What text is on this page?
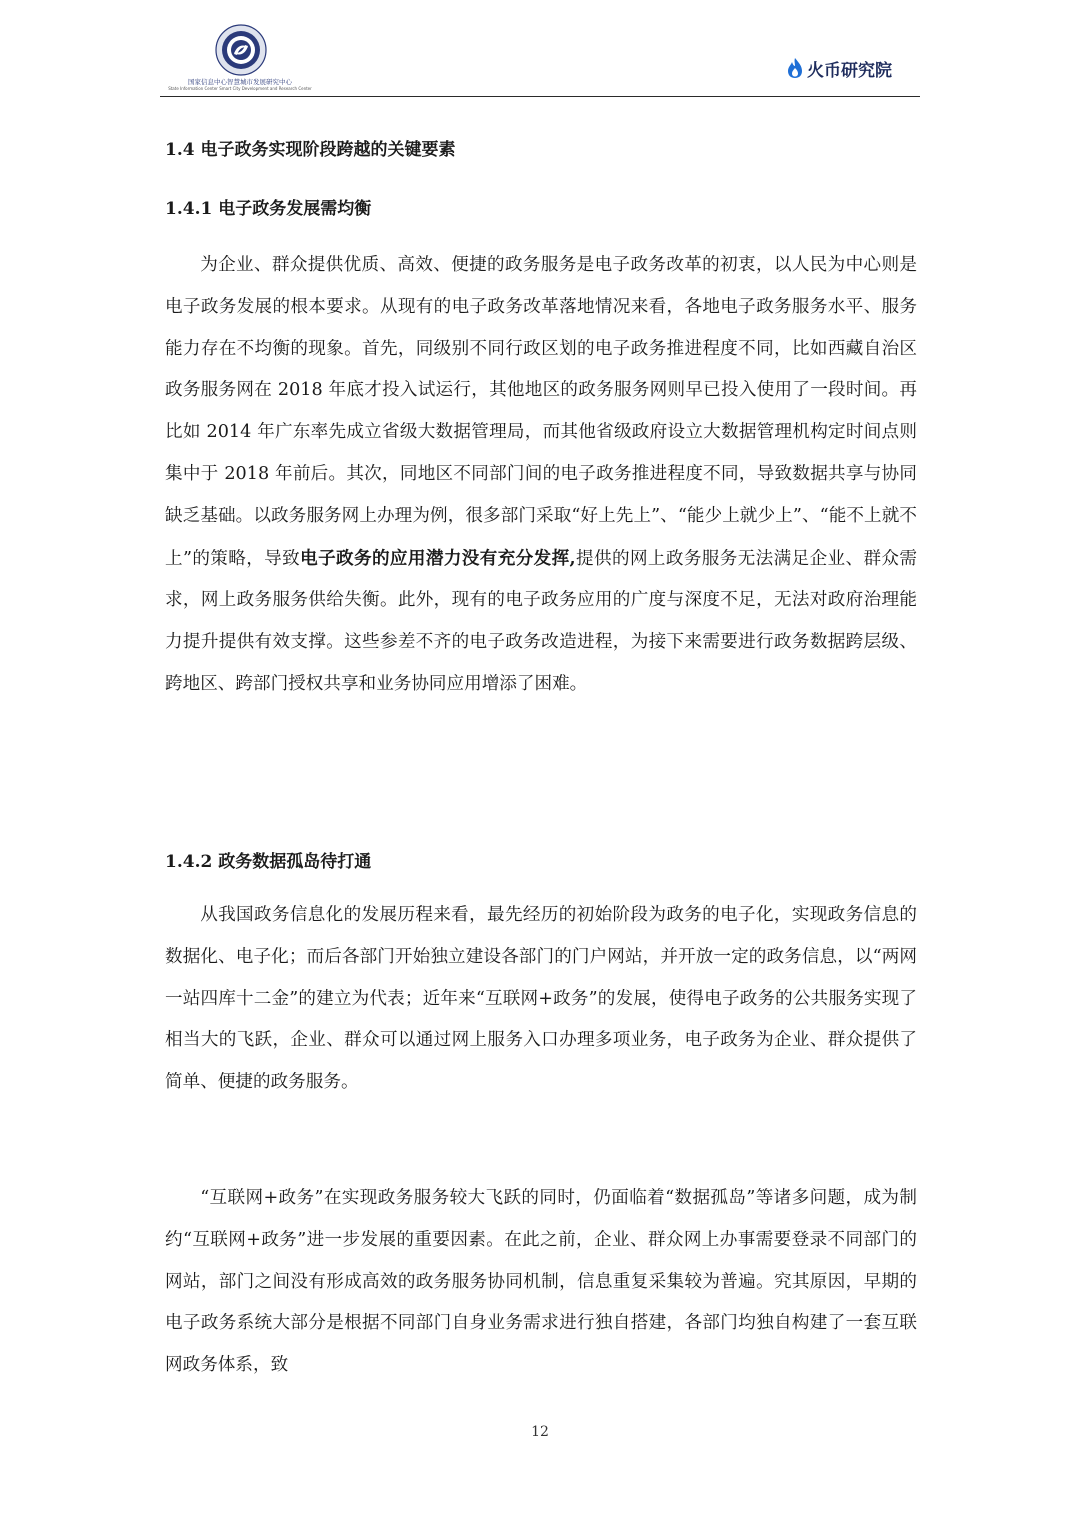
国家信息中心智慧城市发展研究中心
State Information Center Smart City Development and Research Center
火币研究院
1.4 电子政务实现阶段跨越的关键要素
1.4.1 电子政务发展需均衡

为企业、群众提供优质、高效、便捷的政务服务是电子政务改革的初衷，以人民为中心则是电子政务发展的根本要求。从现有的电子政务改革落地情况来看，各地电子政务服务水平、服务能力存在不均衡的现象。首先，同级别不同行政区划的电子政务推进程度不同，比如西藏自治区政务服务网在 2018 年底才投入试运行，其他地区的政务服务网则早已投入使用了一段时间。再比如 2014 年广东率先成立省级大数据管理局，而其他省级政府设立大数据管理机构定时间点则集中于 2018 年前后。其次，同地区不同部门间的电子政务推进程度不同，导致数据共享与协同缺乏基础。以政务服务网上办理为例，很多部门采取“好上先上”、“能少上就少上”、“能不上就不上”的策略，导致电子政务的应用潜力没有充分发挥,提供的网上政务服务无法满足企业、群众需求，网上政务服务供给失衡。此外，现有的电子政务应用的广度与深度不足，无法对政府治理能力提升提供有效支撑。这些参差不齐的电子政务改造进程，为接下来需要进行政务数据跨层级、跨地区、跨部门授权共享和业务协同应用增添了困难。

1.4.2 政务数据孤岛待打通

从我国政务信息化的发展历程来看，最先经历的初始阶段为政务的电子化，实现政务信息的数据化、电子化；而后各部门开始独立建设各部门的门户网站，并开放一定的政务信息，以“两网一站四库十二金”的建立为代表；近年来“互联网+政务”的发展，使得电子政务的公共服务实现了相当大的飞跃，企业、群众可以通过网上服务入口办理多项业务，电子政务为企业、群众提供了简单、便捷的政务服务。

“互联网+政务”在实现政务服务较大飞跃的同时，仍面临着“数据孤岛”等诸多问题，成为制约“互联网+政务”进一步发展的重要因素。在此之前，企业、群众网上办事需要登录不同部门的网站，部门之间没有形成高效的政务服务协同机制，信息重复采集较为普遍。究其原因，早期的电子政务系统大部分是根据不同部门自身业务需求进行独自搭建，各部门均独自构建了一套互联网政务体系，致

12
